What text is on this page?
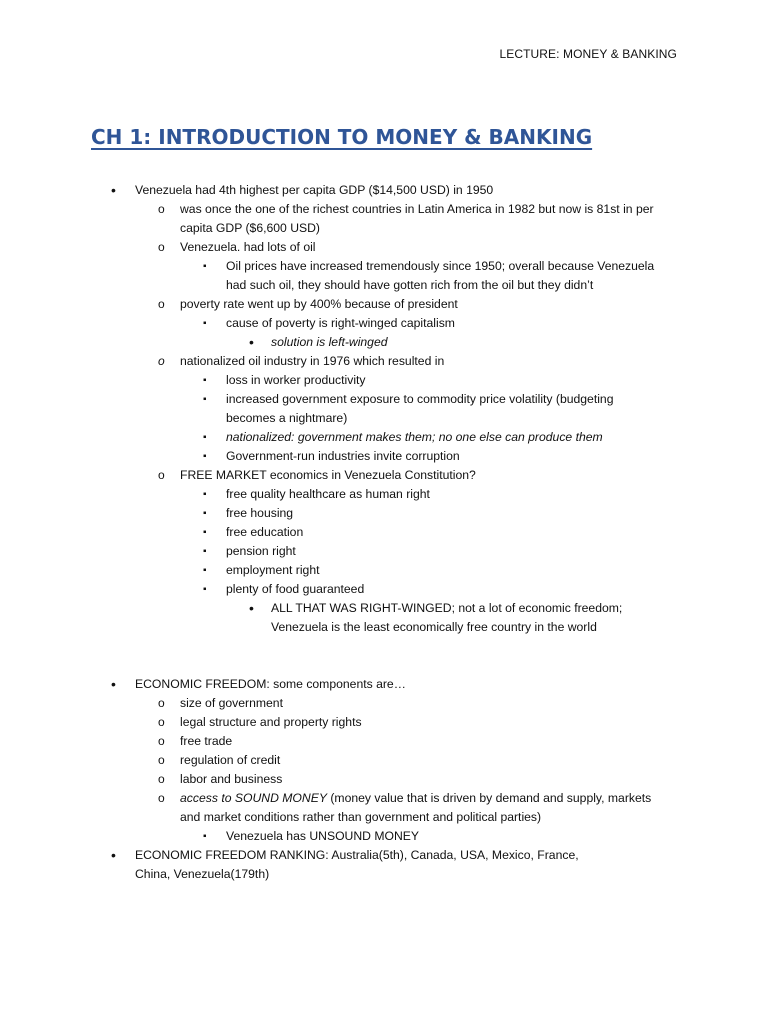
LECTURE: MONEY & BANKING
CH 1: INTRODUCTION TO MONEY & BANKING
• Venezuela had 4th highest per capita GDP ($14,500 USD) in 1950
o was once the one of the richest countries in Latin America in 1982 but now is 81st in per capita GDP ($6,600 USD)
o Venezuela. had lots of oil
▪ Oil prices have increased tremendously since 1950; overall because Venezuela had such oil, they should have gotten rich from the oil but they didn’t
o poverty rate went up by 400% because of president
▪ cause of poverty is right-winged capitalism
• solution is left-winged
o nationalized oil industry in 1976 which resulted in
▪ loss in worker productivity
▪ increased government exposure to commodity price volatility (budgeting becomes a nightmare)
▪ nationalized: government makes them; no one else can produce them
▪ Government-run industries invite corruption
o FREE MARKET economics in Venezuela Constitution?
▪ free quality healthcare as human right
▪ free housing
▪ free education
▪ pension right
▪ employment right
▪ plenty of food guaranteed
• ALL THAT WAS RIGHT-WINGED; not a lot of economic freedom; Venezuela is the least economically free country in the world
• ECONOMIC FREEDOM: some components are…
o size of government
o legal structure and property rights
o free trade
o regulation of credit
o labor and business
o access to SOUND MONEY (money value that is driven by demand and supply, markets and market conditions rather than government and political parties)
▪ Venezuela has UNSOUND MONEY
• ECONOMIC FREEDOM RANKING: Australia(5th), Canada, USA, Mexico, France, China, Venezuela(179th)
